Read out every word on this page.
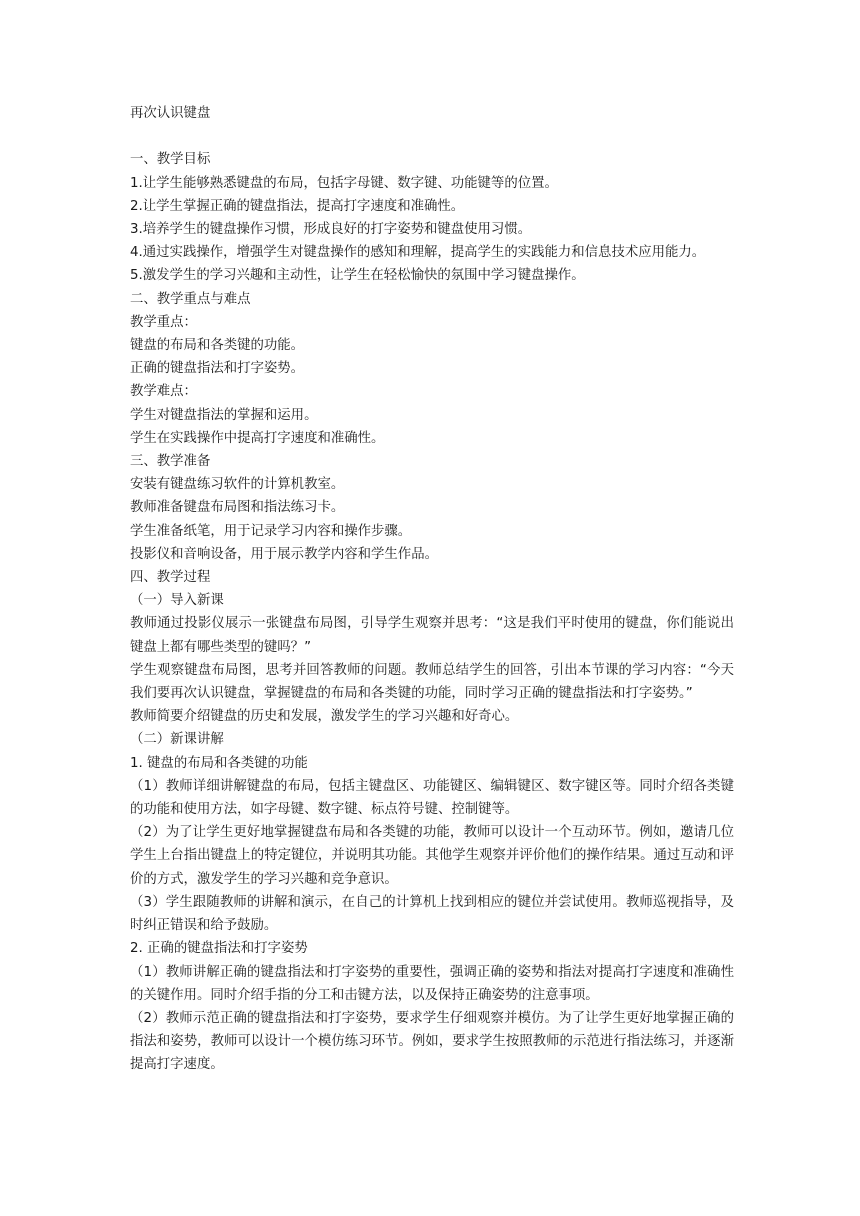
再次认识键盘

一、教学目标

1.让学生能够熟悉键盘的布局，包括字母键、数字键、功能键等的位置。

2.让学生掌握正确的键盘指法，提高打字速度和准确性。

3.培养学生的键盘操作习惯，形成良好的打字姿势和键盘使用习惯。

4.通过实践操作，增强学生对键盘操作的感知和理解，提高学生的实践能力和信息技术应用能力。

5.激发学生的学习兴趣和主动性，让学生在轻松愉快的氛围中学习键盘操作。

二、教学重点与难点

教学重点：

键盘的布局和各类键的功能。

正确的键盘指法和打字姿势。

教学难点：

学生对键盘指法的掌握和运用。

学生在实践操作中提高打字速度和准确性。

三、教学准备

安装有键盘练习软件的计算机教室。

教师准备键盘布局图和指法练习卡。

学生准备纸笔，用于记录学习内容和操作步骤。

投影仪和音响设备，用于展示教学内容和学生作品。

四、教学过程

（一）导入新课

教师通过投影仪展示一张键盘布局图，引导学生观察并思考：“这是我们平时使用的键盘，你们能说出键盘上都有哪些类型的键吗？”

学生观察键盘布局图，思考并回答教师的问题。教师总结学生的回答，引出本节课的学习内容：“今天我们要再次认识键盘，掌握键盘的布局和各类键的功能，同时学习正确的键盘指法和打字姿势。”

教师简要介绍键盘的历史和发展，激发学生的学习兴趣和好奇心。

（二）新课讲解

1. 键盘的布局和各类键的功能

（1）教师详细讲解键盘的布局，包括主键盘区、功能键区、编辑键区、数字键区等。同时介绍各类键的功能和使用方法，如字母键、数字键、标点符号键、控制键等。

（2）为了让学生更好地掌握键盘布局和各类键的功能，教师可以设计一个互动环节。例如，邀请几位学生上台指出键盘上的特定键位，并说明其功能。其他学生观察并评价他们的操作结果。通过互动和评价的方式，激发学生的学习兴趣和竞争意识。

（3）学生跟随教师的讲解和演示，在自己的计算机上找到相应的键位并尝试使用。教师巡视指导，及时纠正错误和给予鼓励。

2. 正确的键盘指法和打字姿势

（1）教师讲解正确的键盘指法和打字姿势的重要性，强调正确的姿势和指法对提高打字速度和准确性的关键作用。同时介绍手指的分工和击键方法，以及保持正确姿势的注意事项。

（2）教师示范正确的键盘指法和打字姿势，要求学生仔细观察并模仿。为了让学生更好地掌握正确的指法和姿势，教师可以设计一个模仿练习环节。例如，要求学生按照教师的示范进行指法练习，并逐渐提高打字速度。
